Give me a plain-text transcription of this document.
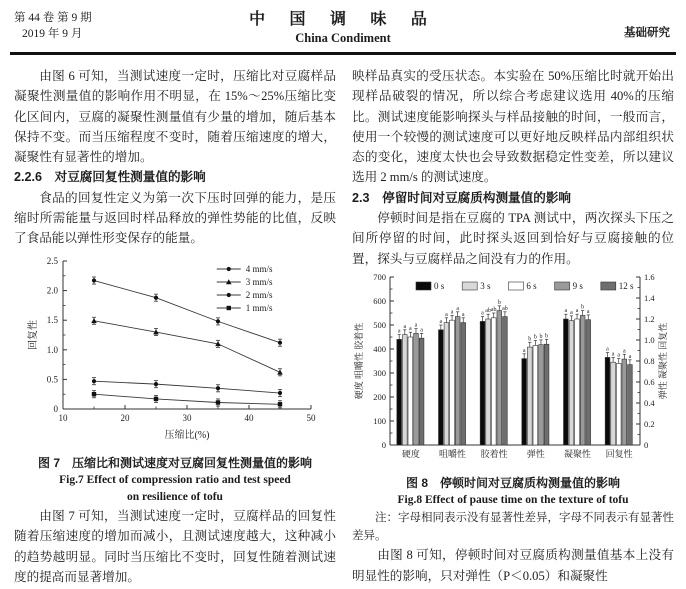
第 44 卷 第 9 期
2019 年 9 月
中 国 调 味 品
China Condiment	基础研究

由图 6 可知，当测试速度一定时，压缩比对豆腐样品凝聚性测量值的影响作用不明显，在 15%～25%压缩比变化区间内，豆腐的凝聚性测量值有少量的增加，随后基本保持不变。而当压缩程度不变时，随着压缩速度的增大，凝聚性有显著性的增加。

2.2.6　对豆腐回复性测量值的影响

食品的回复性定义为第一次下压时回弹的能力，是压缩时所需能量与返回时样品释放的弹性势能的比值，反映了食品能以弹性形变保存的能量。

0
0.5
1.0
1.5
2.0
2.5
10	20	30	40	50
压缩比(%)
回复性
4 mm/s
3 mm/s
2 mm/s
1 mm/s
图 7　压缩比和测试速度对豆腐回复性测量值的影响
Fig.7 Effect of compression ratio and test speed
on resilience of tofu

由图 7 可知，当测试速度一定时，豆腐样品的回复性随着压缩速度的增加而减小，且测试速度越大，这种减小的趋势越明显。同时当压缩比不变时，回复性随着测试速度的提高而显著增加。

映样品真实的受压状态。本实验在 50%压缩比时就开始出现样品破裂的情况，所以综合考虑建议选用 40%的压缩比。测试速度能影响探头与样品接触的时间，一般而言，使用一个较慢的测试速度可以更好地反映样品内部组织状态的变化，速度太快也会导致数据稳定性变差，所以建议选用 2 mm/s 的测试速度。

2.3　停留时间对豆腐质构测量值的影响

停顿时间是指在豆腐的 TPA 测试中，两次探头下压之间所停留的时间，此时探头返回到恰好与豆腐接触的位置，探头与豆腐样品之间没有力的作用。

0
100
200
300
400
500
600
700
0
0.2
0.4
0.6
0.8
1.0
1.2
1.4
1.6
硬度 咀嚼性 胶着性	弹性 凝聚性 回复性
硬度
a
a a
a
a
咀嚼性
a
a a
a
a
胶着性
a ab ab
b
ab
弹性
a
b b b b
凝聚性
a a a
b
a
回复性
a
a a
a
a
0 s	3 s	6 s	9 s	12 s
图 8　停顿时间对豆腐质构测量值的影响
Fig.8 Effect of pause time on the texture of tofu
注：字母相同表示没有显著性差异，字母不同表示有显著性差异。

由图 8 可知，停顿时间对豆腐质构测量值基本上没有明显性的影响，只对弹性（P＜0.05）和凝聚性
